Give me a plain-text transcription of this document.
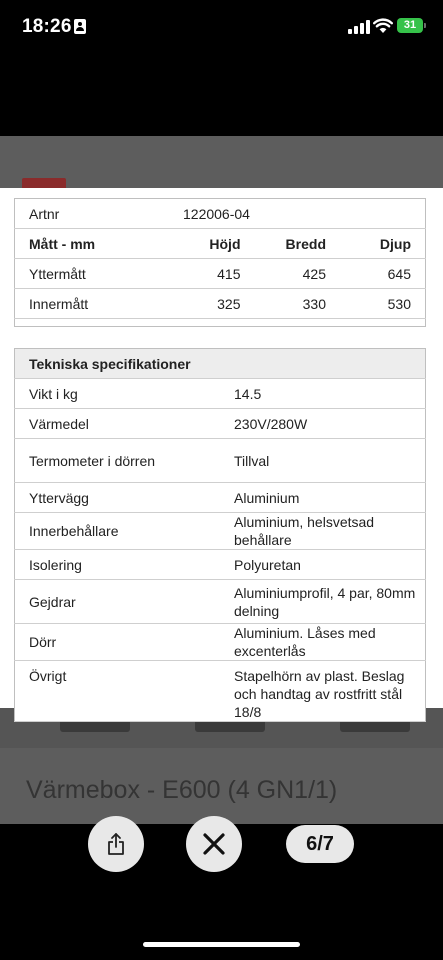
18:26	31
Värmebox - E600 (4 GN1/1)
Artnr	122006-04		
Mått - mm	Höjd	Bredd	Djup
Yttermått	415	425	645
Innermått	325	330	530

Tekniska specifikationer	
Vikt i kg	14.5
Värmedel	230V/280W
Termometer i dörren	Tillval
Yttervägg	Aluminium
Innerbehållare	Aluminium, helsvetsad behållare
Isolering	Polyuretan
Gejdrar	Aluminiumprofil, 4 par, 80mm delning
Dörr	Aluminium. Låses med excenterlås
Övrigt	Stapelhörn av plast. Beslag och handtag av rostfritt stål 18/8
6/7
